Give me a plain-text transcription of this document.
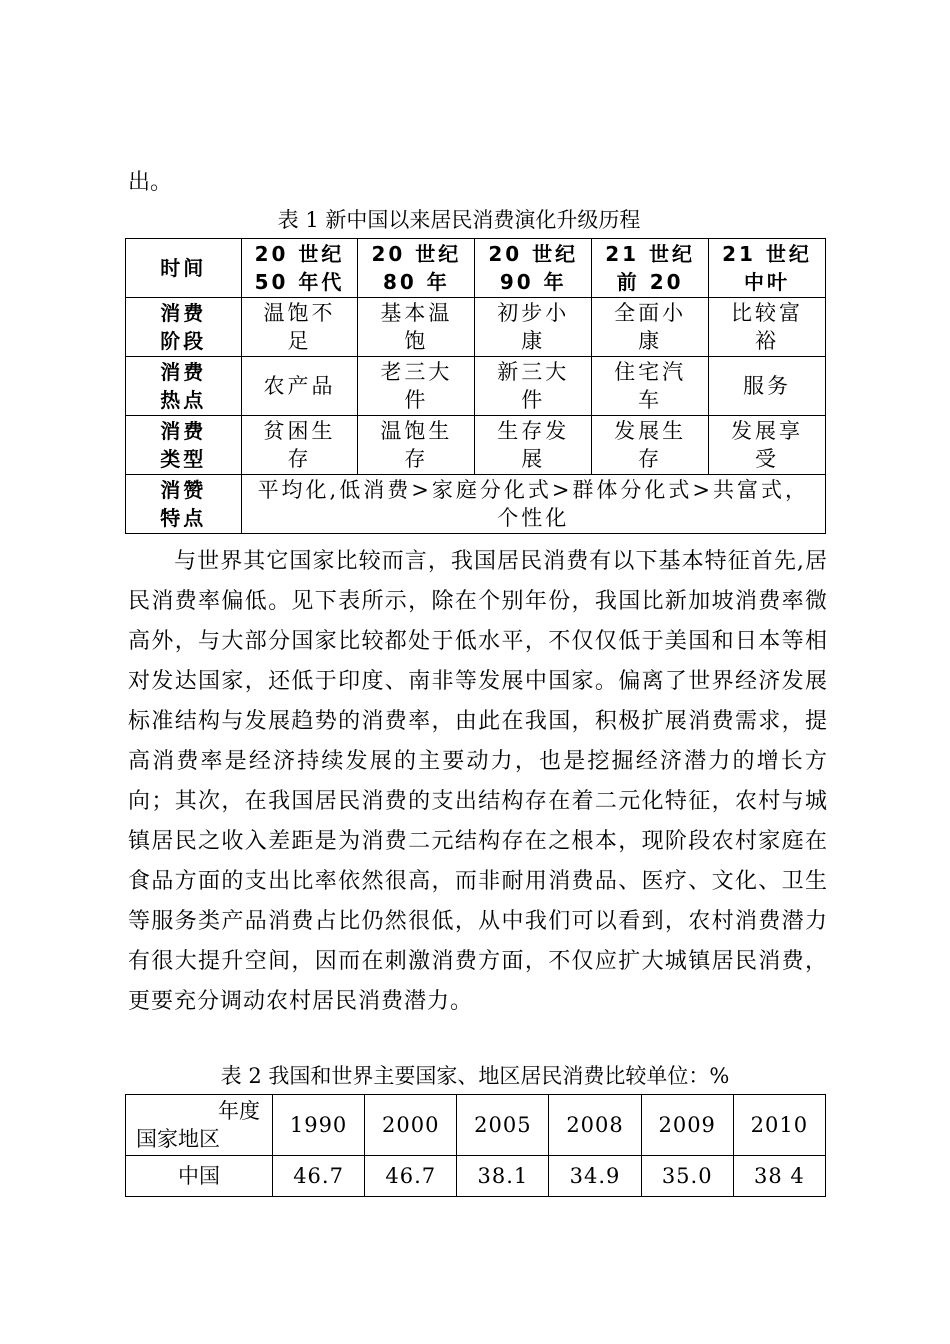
出。
表 1 新中国以来居民消费演化升级历程
时间	20 世纪 50 年代	20 世纪 80 年	20 世纪 90 年	21 世纪 前 20	21 世纪 中叶
消费阶段	温饱不足	基本温饱	初步小康	全面小康	比较富裕
消费热点	农产品	老三大件	新三大件	住宅汽车	服务
消费类型	贫困生存	温饱生存	生存发展	发展生存	发展享受
消赞特点	平均化,低消费>家庭分化式>群体分化式>共富式，个性化				
与世界其它国家比较而言，我国居民消费有以下基本特征首先,居民消费率偏低。见下表所示，除在个别年份，我国比新加坡消费率微高外，与大部分国家比较都处于低水平，不仅仅低于美国和日本等相对发达国家，还低于印度、南非等发展中国家。偏离了世界经济发展标准结构与发展趋势的消费率，由此在我国，积极扩展消费需求，提高消费率是经济持续发展的主要动力，也是挖掘经济潜力的增长方向；其次，在我国居民消费的支出结构存在着二元化特征，农村与城镇居民之收入差距是为消费二元结构存在之根本，现阶段农村家庭在食品方面的支出比率依然很高，而非耐用消费品、医疗、文化、卫生等服务类产品消费占比仍然很低，从中我们可以看到，农村消费潜力有很大提升空间，因而在刺激消费方面，不仅应扩大城镇居民消费，更要充分调动农村居民消费潜力。
表 2 我国和世界主要国家、地区居民消费比较单位：%
年度
国家地区	1990	2000	2005	2008	2009	2010
中国	46.7	46.7	38.1	34.9	35.0	38 4
